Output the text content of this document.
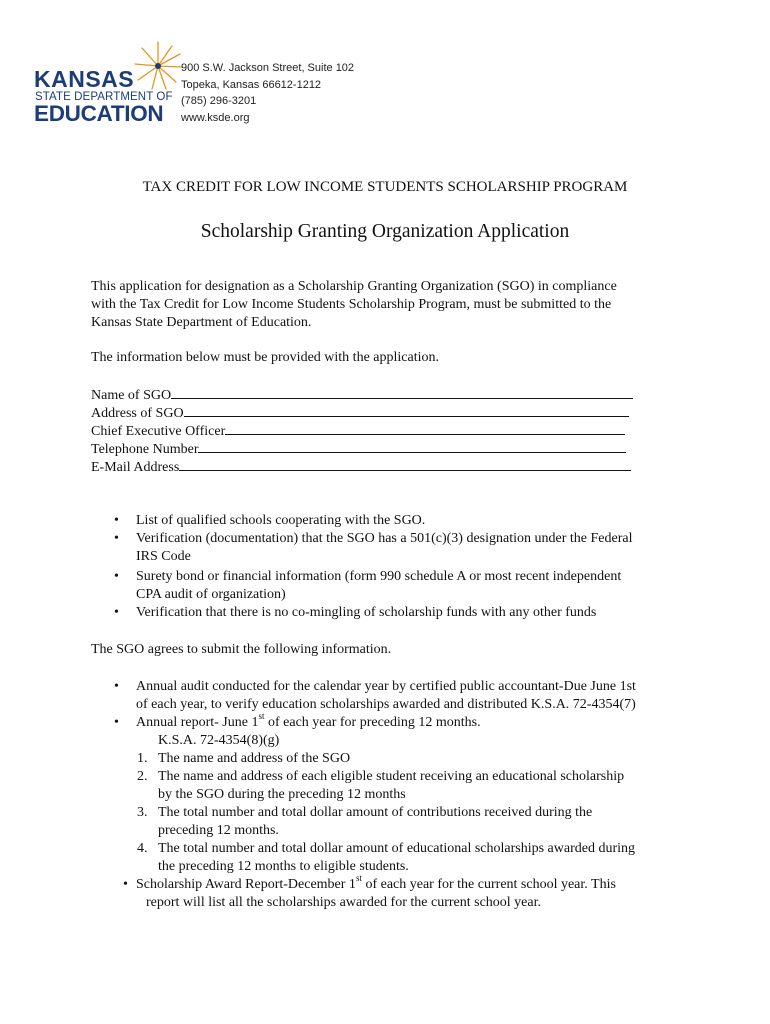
KANSAS
STATE DEPARTMENT OF
EDUCATION
900 S.W. Jackson Street, Suite 102
Topeka, Kansas 66612-1212
(785) 296-3201
www.ksde.org
TAX CREDIT FOR LOW INCOME STUDENTS SCHOLARSHIP PROGRAM
Scholarship Granting Organization Application
This application for designation as a Scholarship Granting Organization (SGO) in compliance
with the Tax Credit for Low Income Students Scholarship Program, must be submitted to the
Kansas State Department of Education.
The information below must be provided with the application.
Name of SGO
Address of SGO
Chief Executive Officer
Telephone Number
E-Mail Address
• List of qualified schools cooperating with the SGO.
• Verification (documentation) that the SGO has a 501(c)(3) designation under the Federal
IRS Code
• Surety bond or financial information (form 990 schedule A or most recent independent
CPA audit of organization)
• Verification that there is no co-mingling of scholarship funds with any other funds
The SGO agrees to submit the following information.
• Annual audit conducted for the calendar year by certified public accountant-Due June 1st
of each year, to verify education scholarships awarded and distributed K.S.A. 72-4354(7)
• Annual report- June 1st of each year for preceding 12 months.
K.S.A. 72-4354(8)(g)
1. The name and address of the SGO
2. The name and address of each eligible student receiving an educational scholarship
by the SGO during the preceding 12 months
3. The total number and total dollar amount of contributions received during the
preceding 12 months.
4. The total number and total dollar amount of educational scholarships awarded during
the preceding 12 months to eligible students.
• Scholarship Award Report-December 1st of each year for the current school year. This
report will list all the scholarships awarded for the current school year.
